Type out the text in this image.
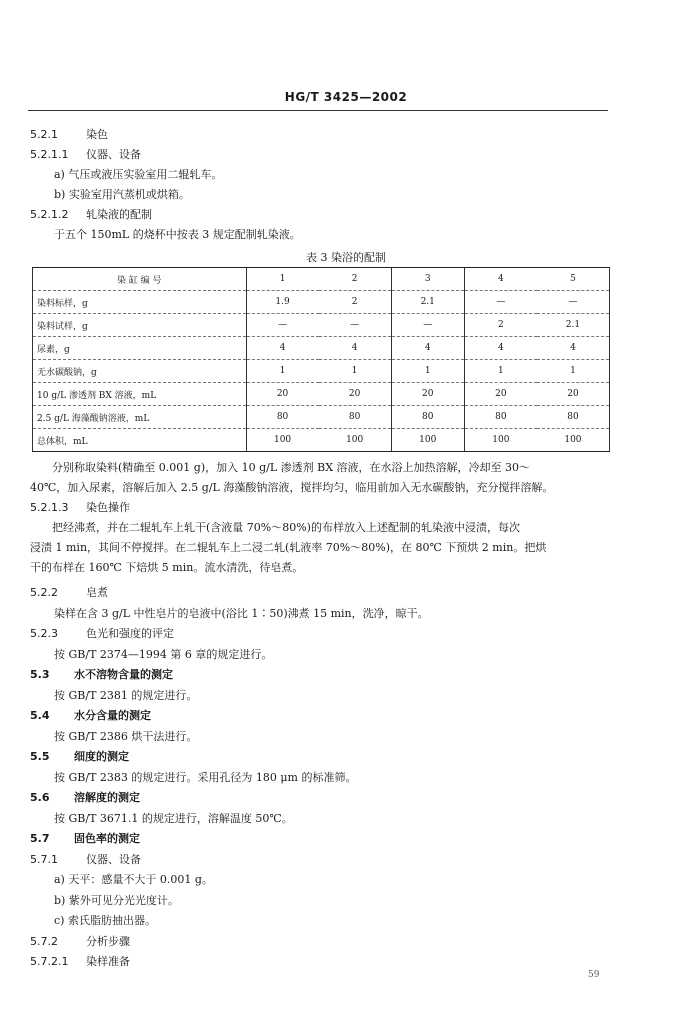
HG/T 3425—2002
5.2.1	染色
5.2.1.1 仪器、设备
a) 气压或液压实验室用二辊轧车。
b) 实验室用汽蒸机或烘箱。
5.2.1.2 轧染液的配制
于五个 150mL 的烧杯中按表 3 规定配制轧染液。
表 3 染浴的配制
染 缸 编 号	1	2	3	4	5
染料标样，g	1.9	2	2.1	—	—
染料试样，g	—	—	—	2	2.1
尿素，g	4	4	4	4	4
无水碳酸钠，g	1	1	1	1	1
10 g/L 渗透剂 BX 溶液，mL	20	20	20	20	20
2.5 g/L 海藻酸钠溶液，mL	80	80	80	80	80
总体积，mL	100	100	100	100	100
　　分别称取染料(精确至 0.001 g)，加入 10 g/L 渗透剂 BX 溶液，在水浴上加热溶解，冷却至 30～
40℃，加入尿素，溶解后加入 2.5 g/L 海藻酸钠溶液，搅拌均匀，临用前加入无水碳酸钠，充分搅拌溶解。
5.2.1.3 染色操作
　　把经沸煮，并在二辊轧车上轧干(含液量 70%～80%)的布样放入上述配制的轧染液中浸渍，每次
浸渍 1 min，其间不停搅拌。在二辊轧车上二浸二轧(轧液率 70%～80%)，在 80℃ 下预烘 2 min。把烘
干的布样在 160℃ 下焙烘 5 min。流水清洗，待皂煮。
5.2.2	皂煮
染样在含 3 g/L 中性皂片的皂液中(浴比 1∶50)沸煮 15 min，洗净，晾干。
5.2.3	色光和强度的评定
按 GB/T 2374—1994 第 6 章的规定进行。
5.3 水不溶物含量的测定
按 GB/T 2381 的规定进行。
5.4 水分含量的测定
按 GB/T 2386 烘干法进行。
5.5 细度的测定
按 GB/T 2383 的规定进行。采用孔径为 180 μm 的标准筛。
5.6 溶解度的测定
按 GB/T 3671.1 的规定进行，溶解温度 50℃。
5.7 固色率的测定
5.7.1	仪器、设备
a) 天平：感量不大于 0.001 g。
b) 紫外可见分光光度计。
c) 索氏脂肪抽出器。
5.7.2	分析步骤
5.7.2.1 染样准备
59
